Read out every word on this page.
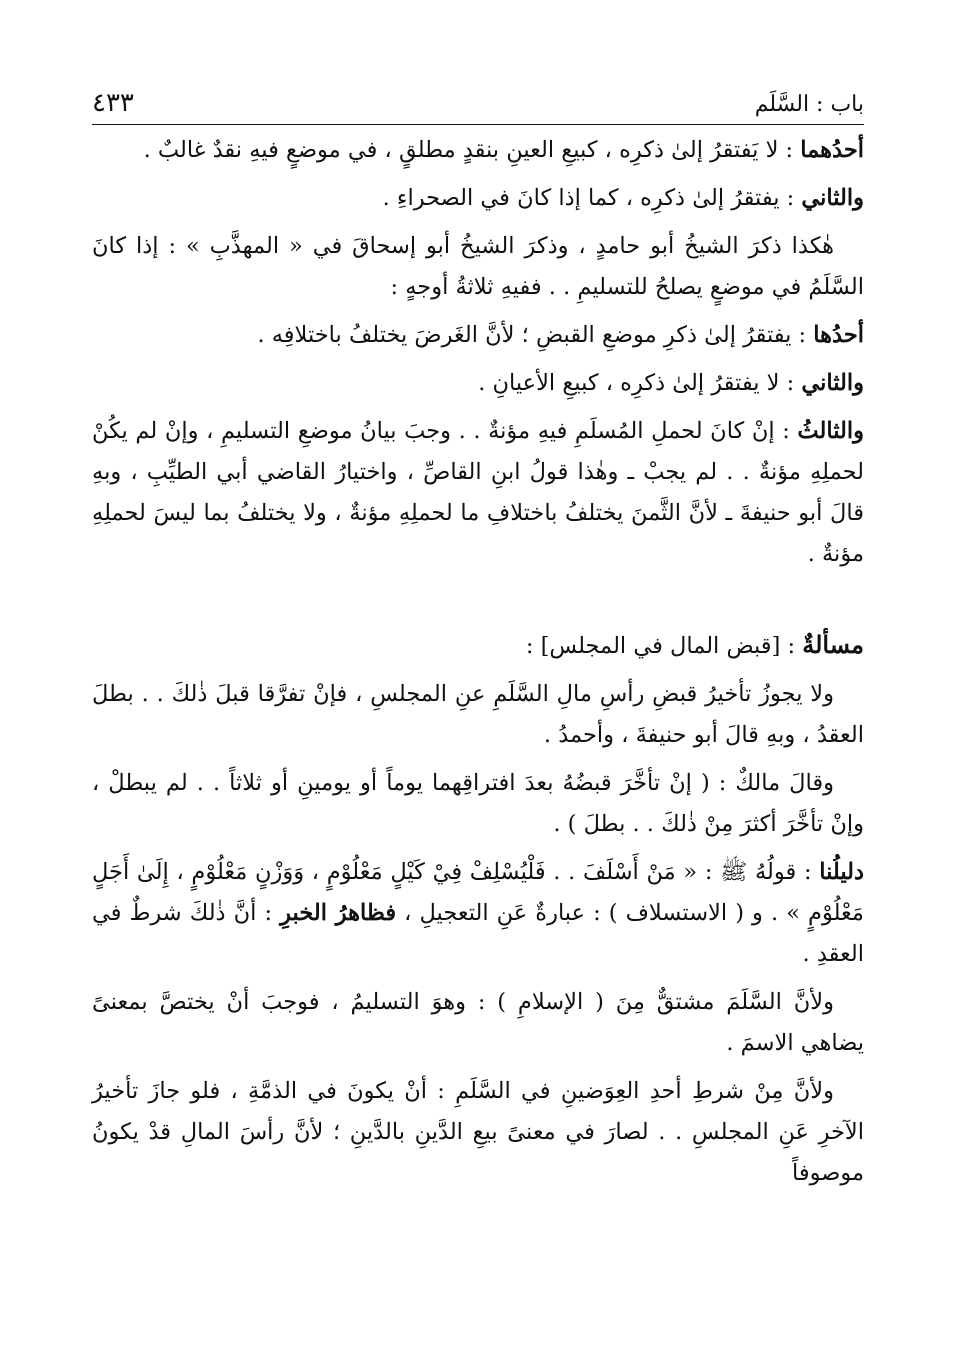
باب : السَّلَم
٤٣٣

أحدُهما : لا يَفتقرُ إلىٰ ذكرِه ، كبيعِ العينِ بنقدٍ مطلقٍ ، في موضعٍ فيهِ نقدٌ غالبٌ .

والثاني : يفتقرُ إلىٰ ذكرِه ، كما إذا كانَ في الصحراءِ .

هٰكذا ذكرَ الشيخُ أبو حامدٍ ، وذكرَ الشيخُ أبو إسحاقَ في « المهذَّبِ » : إذا كانَ السَّلَمُ في موضعٍ يصلحُ للتسليمِ . . ففيهِ ثلاثةُ أوجهٍ :

أحدُها : يفتقرُ إلىٰ ذكرِ موضعِ القبضِ ؛ لأنَّ الغَرضَ يختلفُ باختلافِه .

والثاني : لا يفتقرُ إلىٰ ذكرِه ، كبيعِ الأعيانِ .

والثالثُ : إنْ كانَ لحملِ المُسلَمِ فيهِ مؤنةٌ . . وجبَ بيانُ موضعِ التسليمِ ، وإنْ لم يكُنْ لحملِهِ مؤنةٌ . . لم يجبْ ـ وهٰذا قولُ ابنِ القاصِّ ، واختيارُ القاضي أبي الطيِّبِ ، وبهِ قالَ أبو حنيفةَ ـ لأنَّ الثَّمنَ يختلفُ باختلافِ ما لحملِهِ مؤنةٌ ، ولا يختلفُ بما ليسَ لحملِهِ مؤنةٌ .

مسألةٌ : [قبض المال في المجلس] :

ولا يجوزُ تأخيرُ قبضِ رأسِ مالِ السَّلَمِ عنِ المجلسِ ، فإنْ تفرَّقا قبلَ ذٰلكَ . . بطلَ العقدُ ، وبهِ قالَ أبو حنيفةَ ، وأحمدُ .

وقالَ مالكٌ : ( إنْ تأخَّرَ قبضُهُ بعدَ افتراقِهما يوماً أو يومينِ أو ثلاثاً . . لم يبطلْ ، وإنْ تأخَّرَ أكثرَ مِنْ ذٰلكَ . . بطلَ ) .

دليلُنا : قولُهُ ﷺ : « مَنْ أَسْلَفَ . . فَلْيُسْلِفْ فِيْ كَيْلٍ مَعْلُوْمٍ ، وَوَزْنٍ مَعْلُوْمٍ ، إِلَىٰ أَجَلٍ مَعْلُوْمٍ » . و ( الاستسلاف ) : عبارةٌ عَنِ التعجيلِ ، فظاهرُ الخبرِ : أنَّ ذٰلكَ شرطٌ في العقدِ .

ولأنَّ السَّلَمَ مشتقٌّ مِنَ ( الإسلامِ ) : وهوَ التسليمُ ، فوجبَ أنْ يختصَّ بمعنىً يضاهي الاسمَ .

ولأنَّ مِنْ شرطِ أحدِ العِوَضينِ في السَّلَمِ : أنْ يكونَ في الذمَّةِ ، فلو جازَ تأخيرُ الآخرِ عَنِ المجلسِ . . لصارَ في معنىً بيعِ الدَّينِ بالدَّينِ ؛ لأنَّ رأسَ المالِ قدْ يكونُ موصوفاً
